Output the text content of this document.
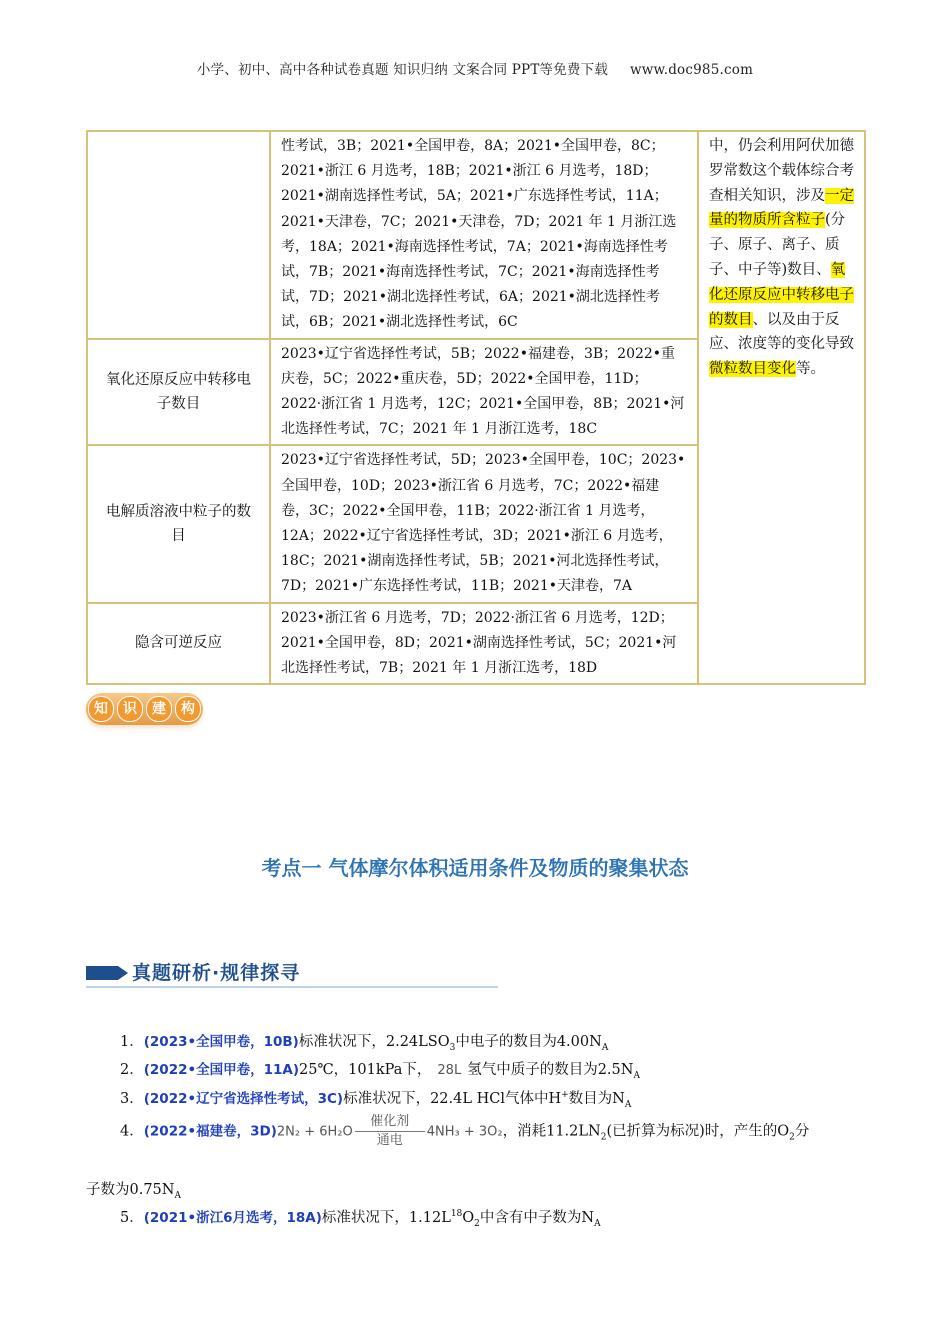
小学、初中、高中各种试卷真题 知识归纳 文案合同 PPT等免费下载 www.doc985.com
	性考试，3B；2021•全国甲卷，8A；2021•全国甲卷，8C；2021•浙江 6 月选考，18B；2021•浙江 6 月选考，18D；2021•湖南选择性考试，5A；2021•广东选择性考试，11A；2021•天津卷，7C；2021•天津卷，7D；2021 年 1 月浙江选考，18A；2021•海南选择性考试，7A；2021•海南选择性考试，7B；2021•海南选择性考试，7C；2021•海南选择性考试，7D；2021•湖北选择性考试，6A；2021•湖北选择性考试，6B；2021•湖北选择性考试，6C	中，仍会利用阿伏加德罗常数这个载体综合考查相关知识，涉及一定量的物质所含粒子(分子、原子、离子、质子、中子等)数目、氧化还原反应中转移电子的数目、以及由于反应、浓度等的变化导致微粒数目变化等。
氧化还原反应中转移电子数目	2023•辽宁省选择性考试，5B；2022•福建卷，3B；2022•重庆卷，5C；2022•重庆卷，5D；2022•全国甲卷，11D；2022·浙江省 1 月选考，12C；2021•全国甲卷，8B；2021•河北选择性考试，7C；2021 年 1 月浙江选考，18C	
电解质溶液中粒子的数目	2023•辽宁省选择性考试，5D；2023•全国甲卷，10C；2023•全国甲卷，10D；2023•浙江省 6 月选考，7C；2022•福建卷，3C；2022•全国甲卷，11B；2022·浙江省 1 月选考，12A；2022•辽宁省选择性考试，3D；2021•浙江 6 月选考，18C；2021•湖南选择性考试，5B；2021•河北选择性考试，7D；2021•广东选择性考试，11B；2021•天津卷，7A	
隐含可逆反应	2023•浙江省 6 月选考，7D；2022·浙江省 6 月选考，12D；2021•全国甲卷，8D；2021•湖南选择性考试，5C；2021•河北选择性考试，7B；2021 年 1 月浙江选考，18D	
知	识	建	构
考点一 气体摩尔体积适用条件及物质的聚集状态
真题研析·规律探寻
1．(2023•全国甲卷，10B)标准状况下，$2.24LSO_3$中电子的数目为$4.00N_A$
2．(2022•全国甲卷，11A)25℃，101kPa下， 28L 氢气中质子的数目为$2.5N_A$
3．(2022•辽宁省选择性考试，3C)标准状况下，22.4L HCl气体中H+数目为$N_A$
4．(2022•福建卷，3D)2N₂ + 6H₂O
催化剂
通电
4NH₃ + 3O₂，消耗$11.2LN_2$(已折算为标况)时，产生的$O_2$分
子数为$0.75N_A$
5．(2021•浙江6月选考，18A)标准状况下，$1.12L^{18}O_2$中含有中子数为$N_A$
